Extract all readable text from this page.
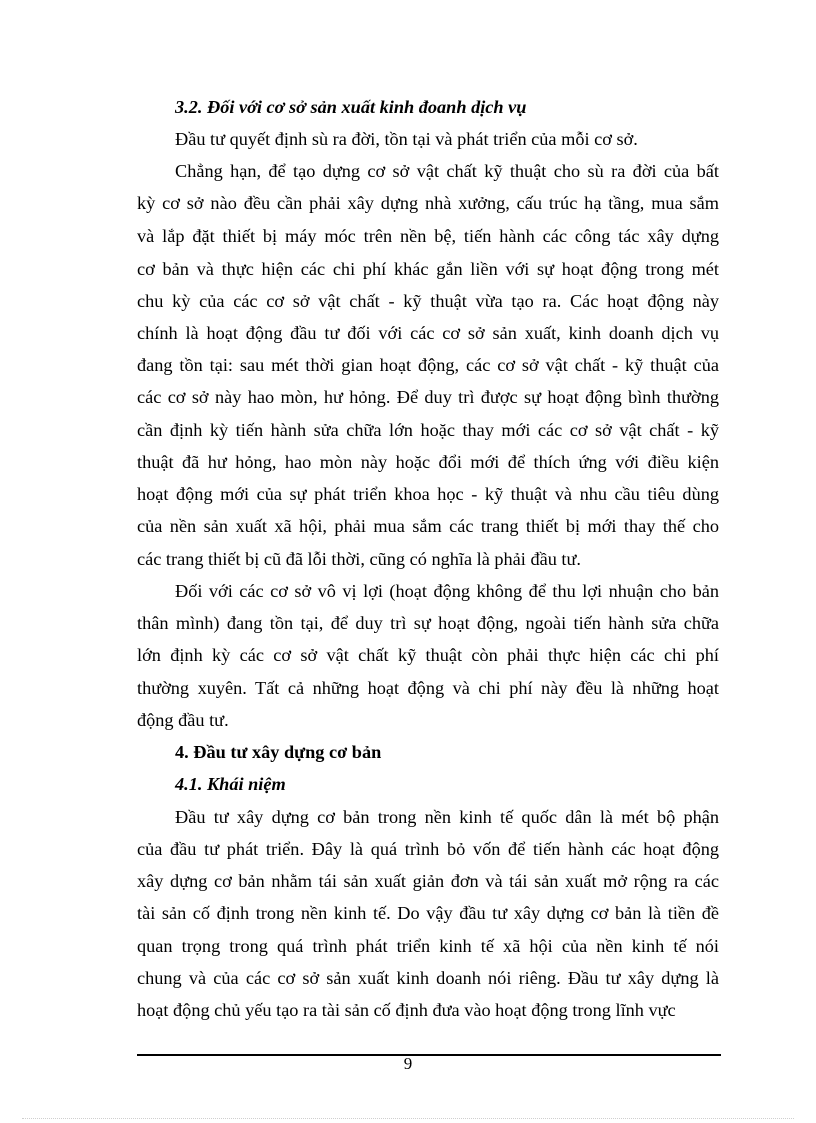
3.2. Đối với cơ sở sản xuất kinh đoanh dịch vụ
Đầu tư quyết định sù ra đời, tồn tại và phát triển của mỗi cơ sở.
Chẳng hạn, để tạo dựng cơ sở vật chất kỹ thuật cho sù ra đời của bất
kỳ cơ sở nào đều cần phải xây dựng nhà xưởng, cấu trúc hạ tầng, mua sắm
và lắp đặt thiết bị máy móc trên nền bệ, tiến hành các công tác xây dựng
cơ bản và thực hiện các chi phí khác gắn liền với sự hoạt động trong mét
chu kỳ của các cơ sở vật chất - kỹ thuật vừa tạo ra. Các hoạt động này
chính là hoạt động đầu tư đối với các cơ sở sản xuất, kinh doanh dịch vụ
đang tồn tại: sau mét thời gian hoạt động, các cơ sở vật chất - kỹ thuật của
các cơ sở này hao mòn, hư hỏng. Để duy trì được sự hoạt động bình thường
cần định kỳ tiến hành sửa chữa lớn hoặc thay mới các cơ sở vật chất - kỹ
thuật đã hư hỏng, hao mòn này hoặc đổi mới để thích ứng với điều kiện
hoạt động mới của sự phát triển khoa học - kỹ thuật và nhu cầu tiêu dùng
của nền sản xuất xã hội, phải mua sắm các trang thiết bị mới thay thế cho
các trang thiết bị cũ đã lỗi thời, cũng có nghĩa là phải đầu tư.
Đối với các cơ sở vô vị lợi (hoạt động không để thu lợi nhuận cho bản
thân mình) đang tồn tại, để duy trì sự hoạt động, ngoài tiến hành sửa chữa
lớn định kỳ các cơ sở vật chất kỹ thuật còn phải thực hiện các chi phí
thường xuyên. Tất cả những hoạt động và chi phí này đều là những hoạt
động đầu tư.
4. Đầu tư xây dựng cơ bản
4.1. Khái niệm
Đầu tư xây dựng cơ bản trong nền kinh tế quốc dân là mét bộ phận
của đầu tư phát triển. Đây là quá trình bỏ vốn để tiến hành các hoạt động
xây dựng cơ bản nhằm tái sản xuất giản đơn và tái sản xuất mở rộng ra các
tài sản cố định trong nền kinh tế. Do vậy đầu tư xây dựng cơ bản là tiền đề
quan trọng trong quá trình phát triển kinh tế xã hội của nền kinh tế nói
chung và của các cơ sở sản xuất kinh doanh nói riêng. Đầu tư xây dựng là
hoạt động chủ yếu tạo ra tài sản cố định đưa vào hoạt động trong lĩnh vực
9
